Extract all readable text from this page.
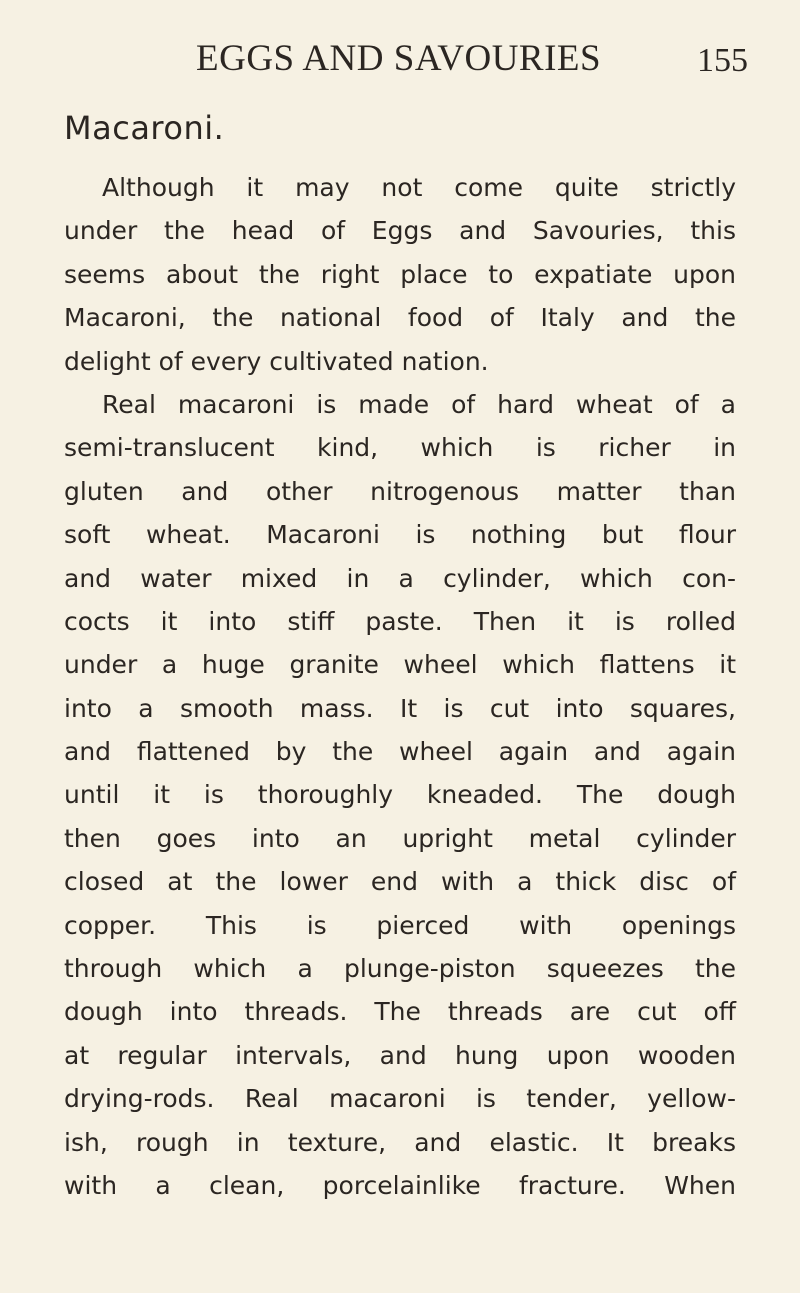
EGGS AND SAVOURIES	155
Macaroni.
Although it may not come quite strictly
under the head of Eggs and Savouries, this
seems about the right place to expatiate upon
Macaroni, the national food of Italy and the
delight of every cultivated nation.
Real macaroni is made of hard wheat of a
semi-translucent kind, which is richer in
gluten and other nitrogenous matter than
soft wheat. Macaroni is nothing but flour
and water mixed in a cylinder, which con-
cocts it into stiff paste. Then it is rolled
under a huge granite wheel which flattens it
into a smooth mass. It is cut into squares,
and flattened by the wheel again and again
until it is thoroughly kneaded. The dough
then goes into an upright metal cylinder
closed at the lower end with a thick disc of
copper. This is pierced with openings
through which a plunge-piston squeezes the
dough into threads. The threads are cut off
at regular intervals, and hung upon wooden
drying-rods. Real macaroni is tender, yellow-
ish, rough in texture, and elastic. It breaks
with a clean, porcelainlike fracture. When
